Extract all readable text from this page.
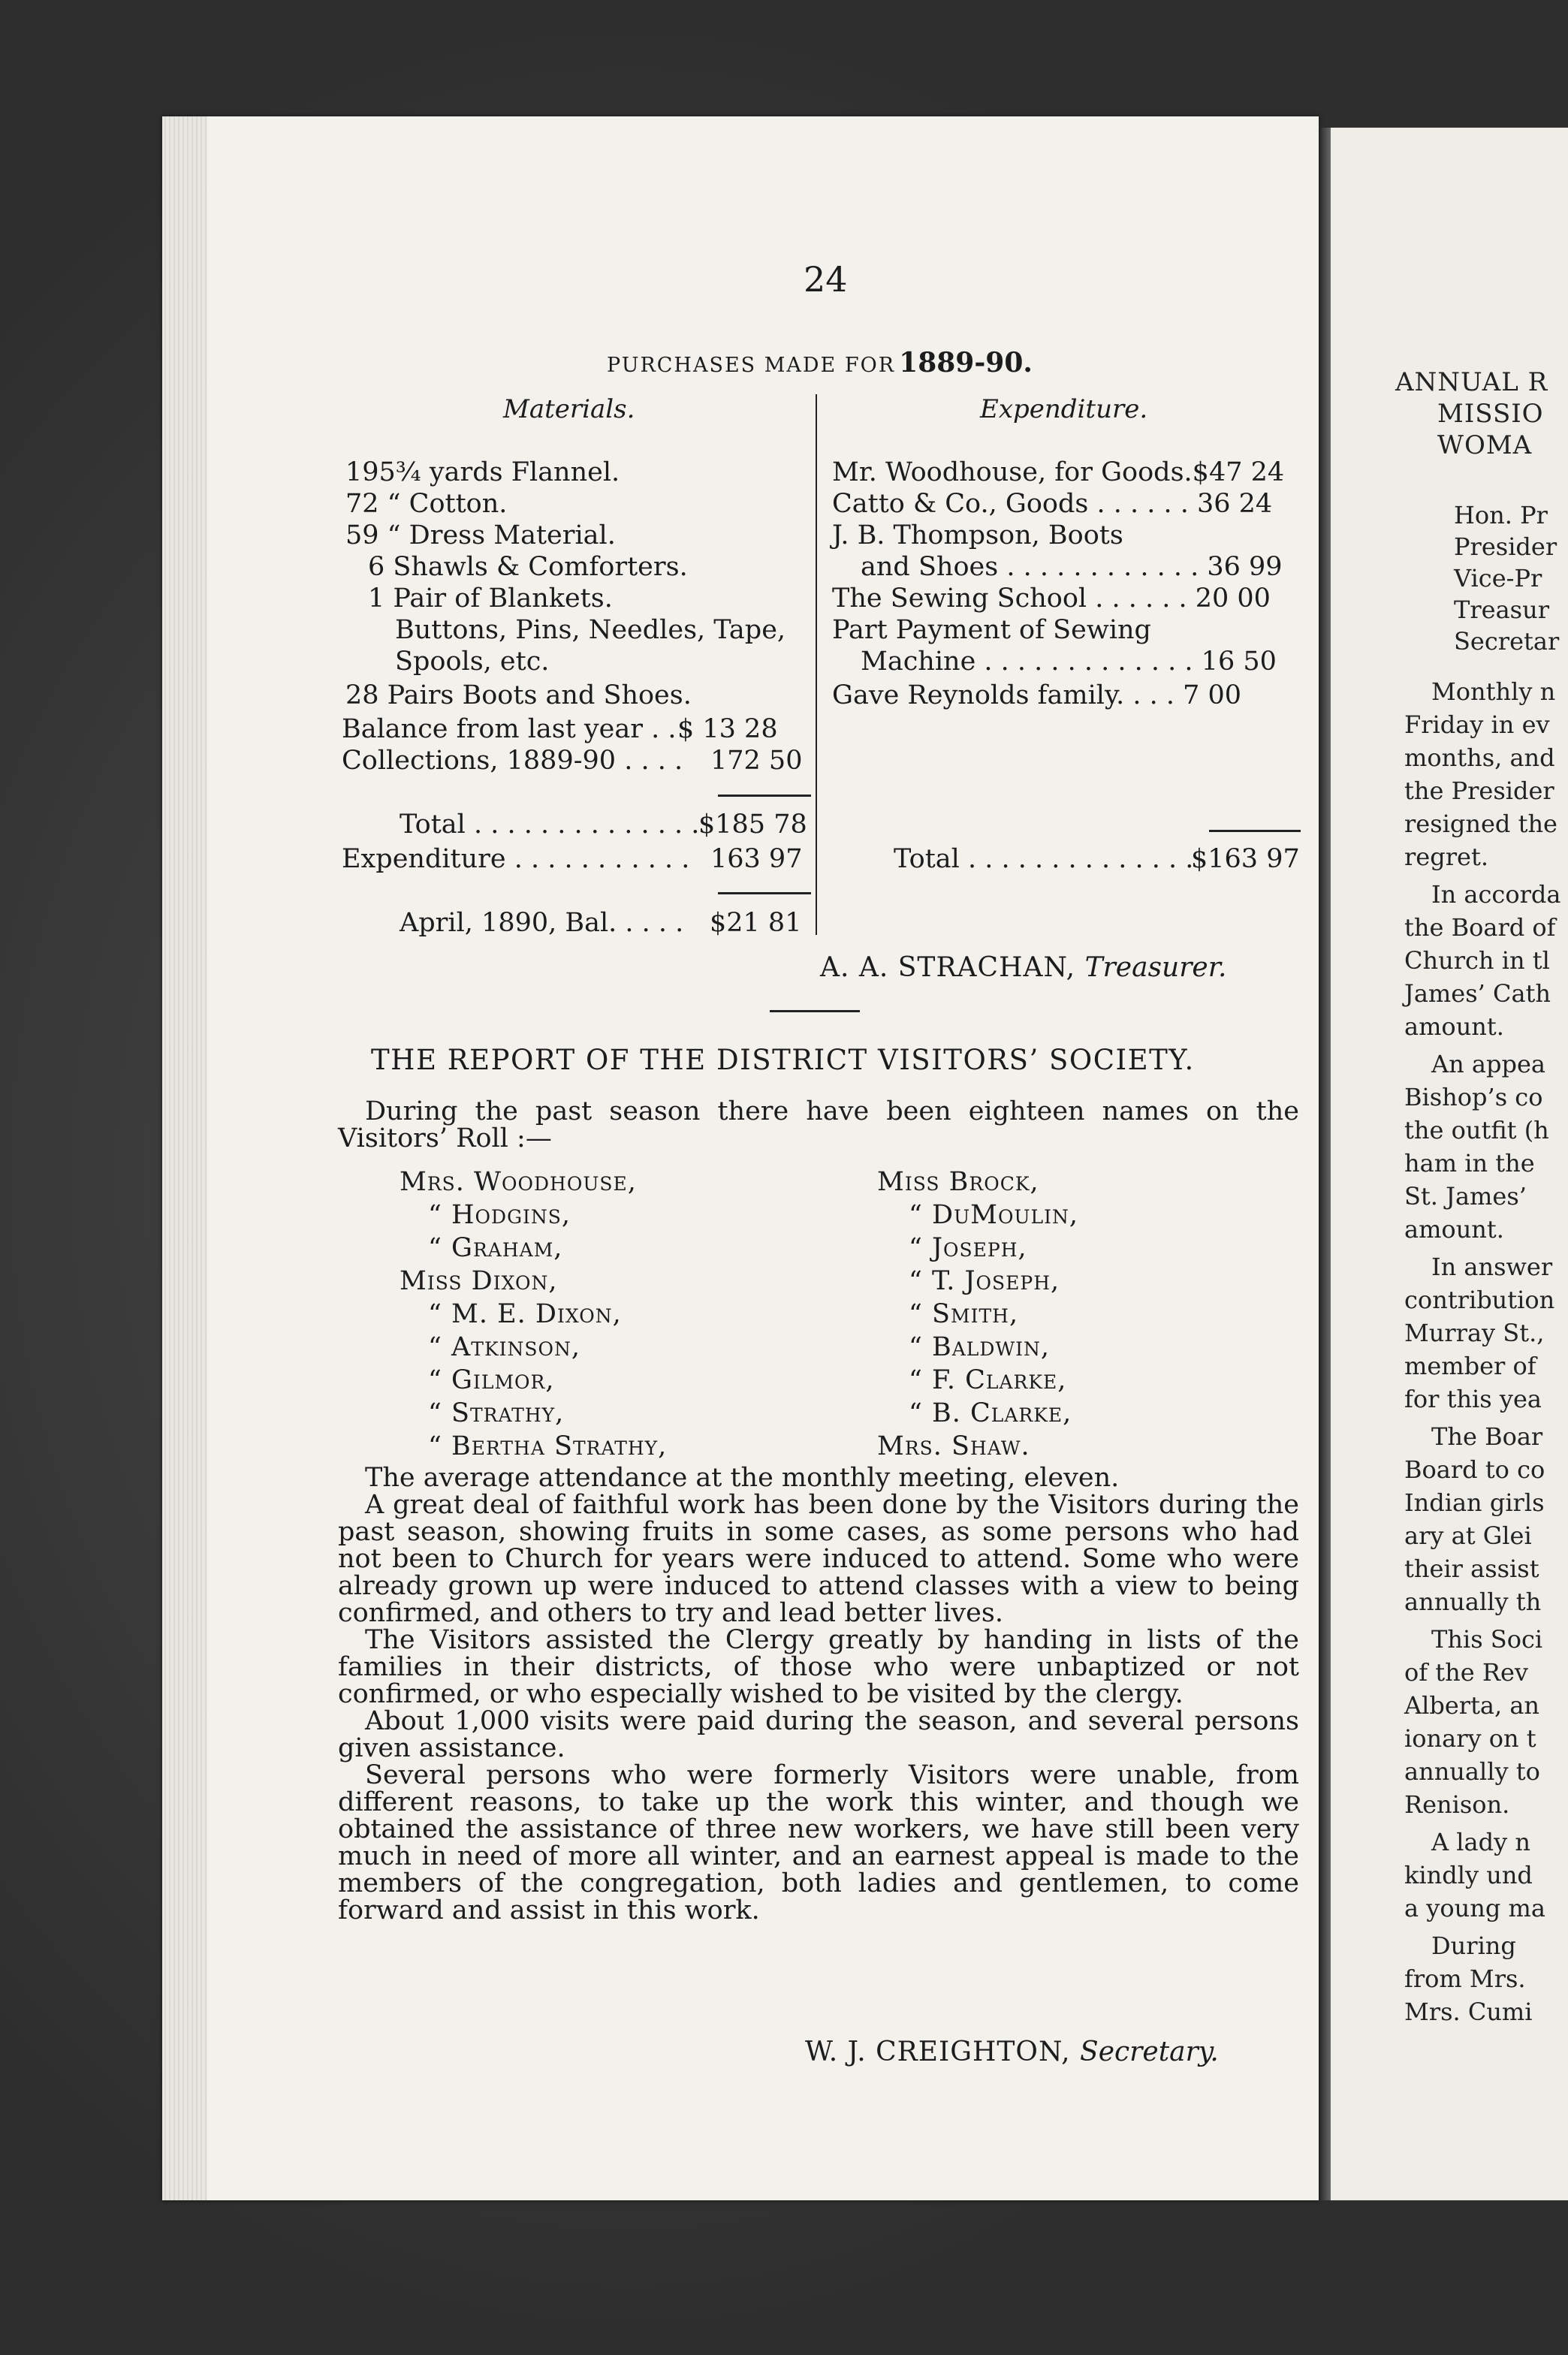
24
PURCHASES MADE FOR 1889-90.
Materials.	Expenditure.
195¾ yards Flannel.
72 “ Cotton.
59 “ Dress Material.
6 Shawls & Comforters.
1 Pair of Blankets.
Buttons, Pins, Needles, Tape,
Spools, etc.
28 Pairs Boots and Shoes.
Balance from last year . . $ 13 28
Collections, 1889-90 . . . . 172 50
Total . . . . . . . . . . . . . .
$185 78
Expenditure . . . . . . . . . . . 163 97
April, 1890, Bal. . . . . $21 81
Mr. Woodhouse, for Goods.$47 24
Catto & Co., Goods . . . . . . 36 24
J. B. Thompson, Boots
and Shoes . . . . . . . . . . . . 36 99
The Sewing School . . . . . . 20 00
Part Payment of Sewing
Machine . . . . . . . . . . . . . 16 50
Gave Reynolds family. . . . 7 00
Total . . . . . . . . . . . . . .
$163 97
A. A. STRACHAN, Treasurer.
THE REPORT OF THE DISTRICT VISITORS’ SOCIETY.

During the past season there have been eighteen names on the Visitors’ Roll :—

Mrs. Woodhouse,
“ Hodgins,
“ Graham,
Miss Dixon,
“ M. E. Dixon,
“ Atkinson,
“ Gilmor,
“ Strathy,
“ Bertha Strathy,
Miss Brock,
“ DuMoulin,
“ Joseph,
“ T. Joseph,
“ Smith,
“ Baldwin,
“ F. Clarke,
“ B. Clarke,
Mrs. Shaw.

The average attendance at the monthly meeting, eleven.

A great deal of faithful work has been done by the Visitors during the past season, showing fruits in some cases, as some persons who had not been to Church for years were induced to attend. Some who were already grown up were induced to attend classes with a view to being confirmed, and others to try and lead better lives.

The Visitors assisted the Clergy greatly by handing in lists of the families in their districts, of those who were unbaptized or not confirmed, or who especially wished to be visited by the clergy.

About 1,000 visits were paid during the season, and several persons given assistance.

Several persons who were formerly Visitors were unable, from different reasons, to take up the work this winter, and though we obtained the assistance of three new workers, we have still been very much in need of more all winter, and an earnest appeal is made to the members of the congregation, both ladies and gentlemen, to come forward and assist in this work.

W. J. CREIGHTON, Secretary.
ANNUAL R
MISSIO
WOMA
Hon. Pr
Presider
Vice-Pr
Treasur
Secretar
Monthly n
Friday in ev
months, and
the Presider
resigned the
regret.
In accorda
the Board of
Church in tl
James’ Cath
amount.
An appea
Bishop’s co
the outfit (h
ham in the
St. James’
amount.
In answer
contribution
Murray St.,
member of
for this yea
The Boar
Board to co
Indian girls
ary at Glei
their assist
annually th
This Soci
of the Rev
Alberta, an
ionary on t
annually to
Renison.
A lady n
kindly und
a young ma
During
from Mrs.
Mrs. Cumi
